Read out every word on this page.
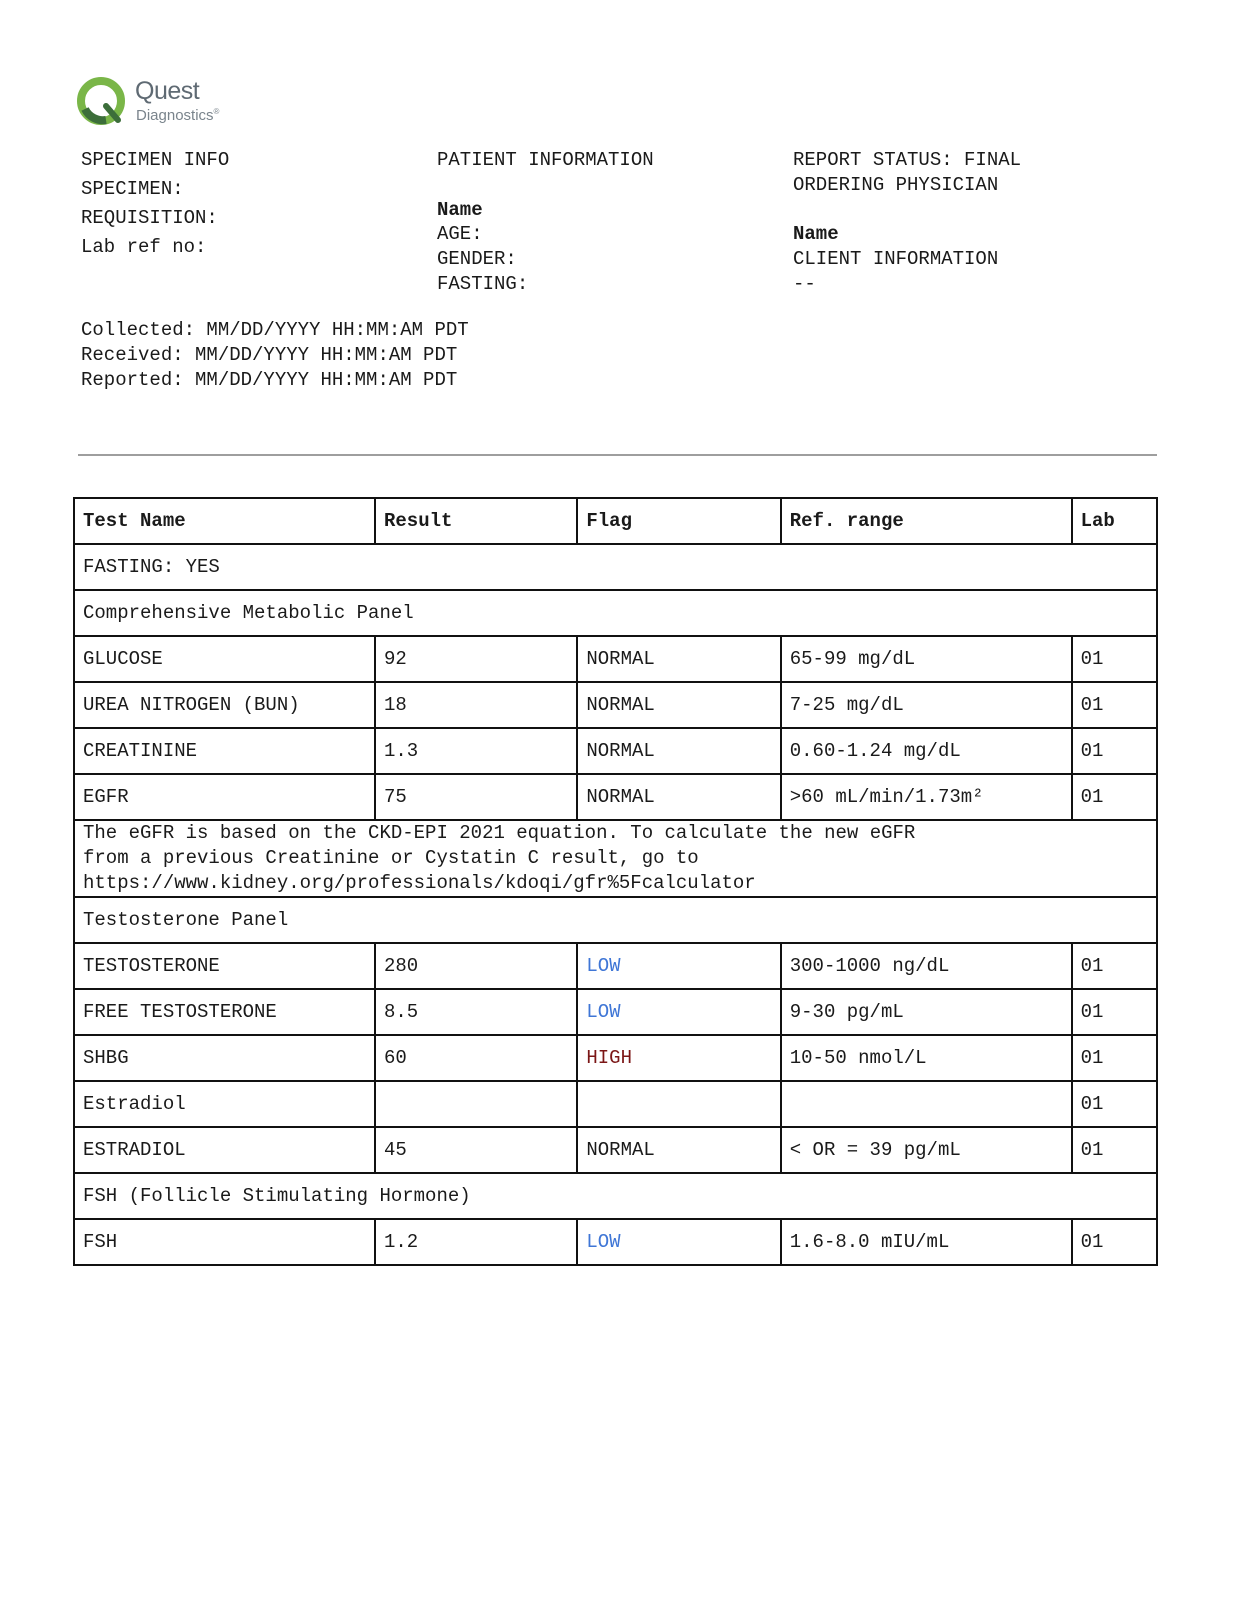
Quest
Diagnostics®
SPECIMEN INFO
SPECIMEN:
REQUISITION:
Lab ref no:
PATIENT INFORMATION
Name
AGE:
GENDER:
FASTING:
REPORT STATUS: FINAL
ORDERING PHYSICIAN
Name
CLIENT INFORMATION
--
Collected: MM/DD/YYYY HH:MM:AM PDT
Received: MM/DD/YYYY HH:MM:AM PDT
Reported: MM/DD/YYYY HH:MM:AM PDT
Test Name	Result	Flag	Ref. range	Lab
FASTING: YES				
Comprehensive Metabolic Panel				
GLUCOSE	92	NORMAL	65-99 mg/dL	01
UREA NITROGEN (BUN)	18	NORMAL	7-25 mg/dL	01
CREATININE	1.3	NORMAL	0.60-1.24 mg/dL	01
EGFR	75	NORMAL	>60 mL/min/1.73m²	01
The eGFR is based on the CKD-EPI 2021 equation. To calculate the new eGFR
from a previous Creatinine or Cystatin C result, go to
https://www.kidney.org/professionals/kdoqi/gfr%5Fcalculator				
Testosterone Panel				
TESTOSTERONE	280	LOW	300-1000 ng/dL	01
FREE TESTOSTERONE	8.5	LOW	9-30 pg/mL	01
SHBG	60	HIGH	10-50 nmol/L	01
Estradiol				01
ESTRADIOL	45	NORMAL	< OR = 39 pg/mL	01
FSH (Follicle Stimulating Hormone)				
FSH	1.2	LOW	1.6-8.0 mIU/mL	01
